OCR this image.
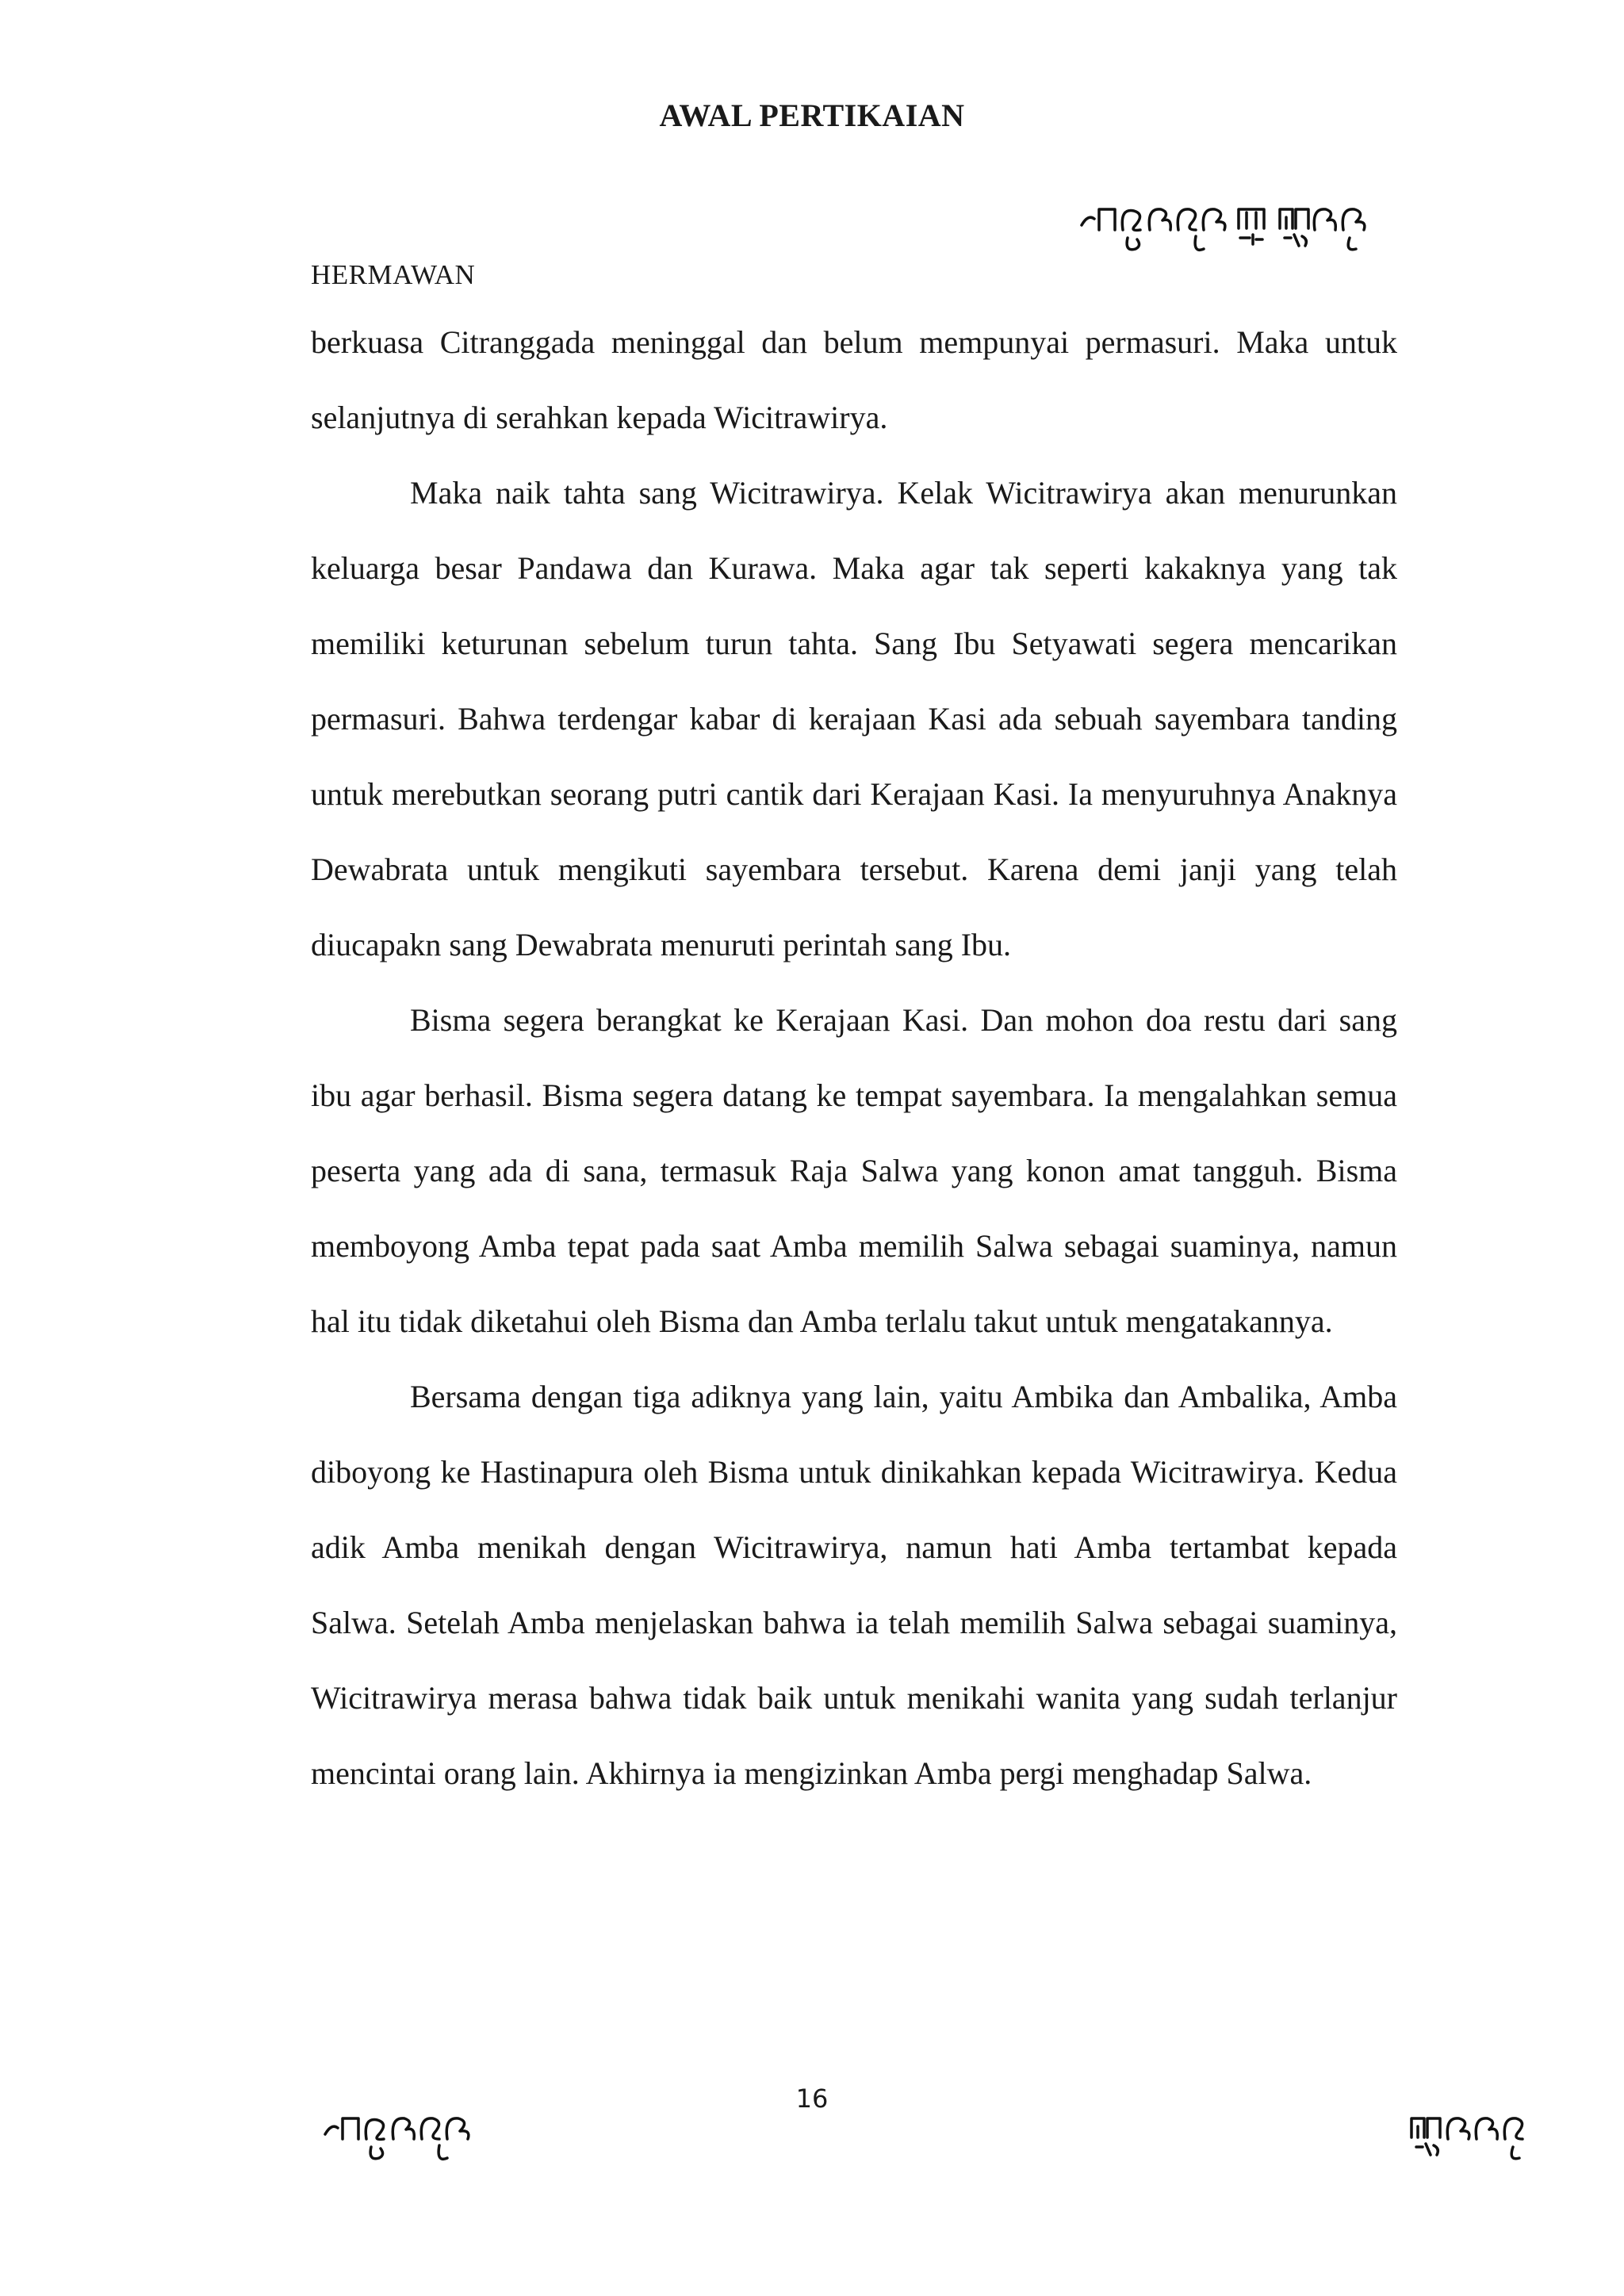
AWAL PERTIKAIAN
HERMAWAN

berkuasa Citranggada meninggal dan belum mempunyai permasuri. Maka untuk selanjutnya di serahkan kepada Wicitrawirya.

Maka naik tahta sang Wicitrawirya. Kelak Wicitrawirya akan menurunkan keluarga besar Pandawa dan Kurawa. Maka agar tak seperti kakaknya yang tak memiliki keturunan sebelum turun tahta. Sang Ibu Setyawati segera mencarikan permasuri. Bahwa terdengar kabar di kerajaan Kasi ada sebuah sayembara tanding untuk merebutkan seorang putri cantik dari Kerajaan Kasi. Ia menyuruhnya Anaknya Dewabrata untuk mengikuti sayembara tersebut. Karena demi janji yang telah diucapakn sang Dewabrata menuruti perintah sang Ibu.

Bisma segera berangkat ke Kerajaan Kasi. Dan mohon doa restu dari sang ibu agar berhasil. Bisma segera datang ke tempat sayembara. Ia mengalahkan semua peserta yang ada di sana, termasuk Raja Salwa yang konon amat tangguh. Bisma memboyong Amba tepat pada saat Amba memilih Salwa sebagai suaminya, namun hal itu tidak diketahui oleh Bisma dan Amba terlalu takut untuk mengatakannya.

Bersama dengan tiga adiknya yang lain, yaitu Ambika dan Ambalika, Amba diboyong ke Hastinapura oleh Bisma untuk dinikahkan kepada Wicitrawirya. Kedua adik Amba menikah dengan Wicitrawirya, namun hati Amba tertambat kepada Salwa. Setelah Amba menjelaskan bahwa ia telah memilih Salwa sebagai suaminya, Wicitrawirya merasa bahwa tidak baik untuk menikahi wanita yang sudah terlanjur mencintai orang lain. Akhirnya ia mengizinkan Amba pergi menghadap Salwa.

16
